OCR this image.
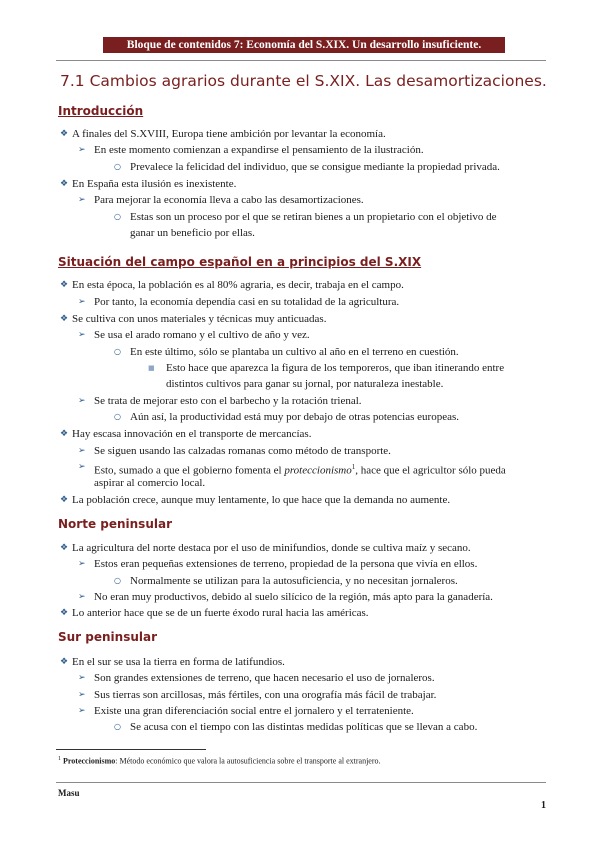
Bloque de contenidos 7: Economía del S.XIX. Un desarrollo insuficiente.
7.1 Cambios agrarios durante el S.XIX. Las desamortizaciones.
Introducción
❖ A finales del S.XVIII, Europa tiene ambición por levantar la economía.
➢ En este momento comienzan a expandirse el pensamiento de la ilustración.
○ Prevalece la felicidad del individuo, que se consigue mediante la propiedad privada.
❖ En España esta ilusión es inexistente.
➢ Para mejorar la economía lleva a cabo las desamortizaciones.
○ Estas son un proceso por el que se retiran bienes a un propietario con el objetivo de
ganar un beneficio por ellas.
Situación del campo español en a principios del S.XIX
❖ En esta época, la población es al 80% agraria, es decir, trabaja en el campo.
➢ Por tanto, la economía dependía casi en su totalidad de la agricultura.
❖ Se cultiva con unos materiales y técnicas muy anticuadas.
➢ Se usa el arado romano y el cultivo de año y vez.
○ En este último, sólo se plantaba un cultivo al año en el terreno en cuestión.
■ Esto hace que aparezca la figura de los temporeros, que iban itinerando entre
distintos cultivos para ganar su jornal, por naturaleza inestable.
➢ Se trata de mejorar esto con el barbecho y la rotación trienal.
○ Aún así, la productividad está muy por debajo de otras potencias europeas.
❖ Hay escasa innovación en el transporte de mercancías.
➢ Se siguen usando las calzadas romanas como método de transporte.
➢ Esto, sumado a que el gobierno fomenta el proteccionismo$^1$, hace que el agricultor sólo pueda
aspirar al comercio local.
❖ La población crece, aunque muy lentamente, lo que hace que la demanda no aumente.
Norte peninsular
❖ La agricultura del norte destaca por el uso de minifundios, donde se cultiva maíz y secano.
➢ Estos eran pequeñas extensiones de terreno, propiedad de la persona que vivía en ellos.
○ Normalmente se utilizan para la autosuficiencia, y no necesitan jornaleros.
➢ No eran muy productivos, debido al suelo silícico de la región, más apto para la ganadería.
❖ Lo anterior hace que se de un fuerte éxodo rural hacia las américas.
Sur peninsular
❖ En el sur se usa la tierra en forma de latifundios.
➢ Son grandes extensiones de terreno, que hacen necesario el uso de jornaleros.
➢ Sus tierras son arcillosas, más fértiles, con una orografía más fácil de trabajar.
➢ Existe una gran diferenciación social entre el jornalero y el terrateniente.
○ Se acusa con el tiempo con las distintas medidas políticas que se llevan a cabo.
$^1$ Proteccionismo: Método económico que valora la autosuficiencia sobre el transporte al extranjero.
Masu
1
